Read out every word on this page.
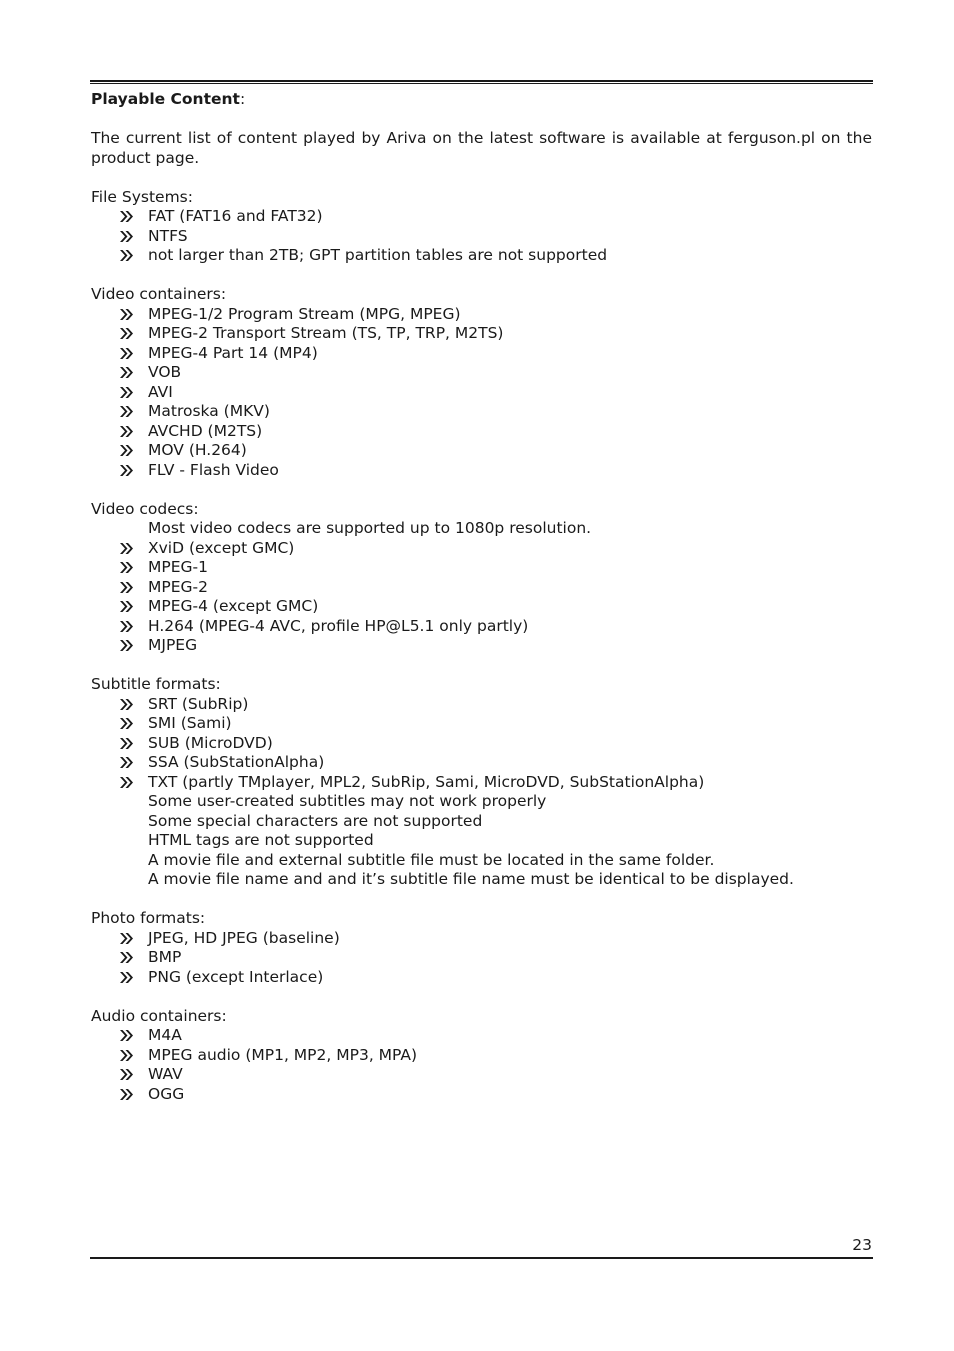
Playable Content:

The current list of content played by Ariva on the latest software is available at ferguson.pl on the product page.

File Systems:

FAT (FAT16 and FAT32)
NTFS
not larger than 2TB; GPT partition tables are not supported

Video containers:

MPEG-1/2 Program Stream (MPG, MPEG)
MPEG-2 Transport Stream (TS, TP, TRP, M2TS)
MPEG-4 Part 14 (MP4)
VOB
AVI
Matroska (MKV)
AVCHD (M2TS)
MOV (H.264)
FLV - Flash Video

Video codecs:

Most video codecs are supported up to 1080p resolution.

XviD (except GMC)
MPEG-1
MPEG-2
MPEG-4 (except GMC)
H.264 (MPEG-4 AVC, profile HP@L5.1 only partly)
MJPEG

Subtitle formats:

SRT (SubRip)
SMI (Sami)
SUB (MicroDVD)
SSA (SubStationAlpha)
TXT (partly TMplayer, MPL2, SubRip, Sami, MicroDVD, SubStationAlpha)

Some user-created subtitles may not work properly

Some special characters are not supported

HTML tags are not supported

A movie file and external subtitle file must be located in the same folder.

A movie file name and and it’s subtitle file name must be identical to be displayed.

Photo formats:

JPEG, HD JPEG (baseline)
BMP
PNG (except Interlace)

Audio containers:

M4A
MPEG audio (MP1, MP2, MP3, MPA)
WAV
OGG
23
